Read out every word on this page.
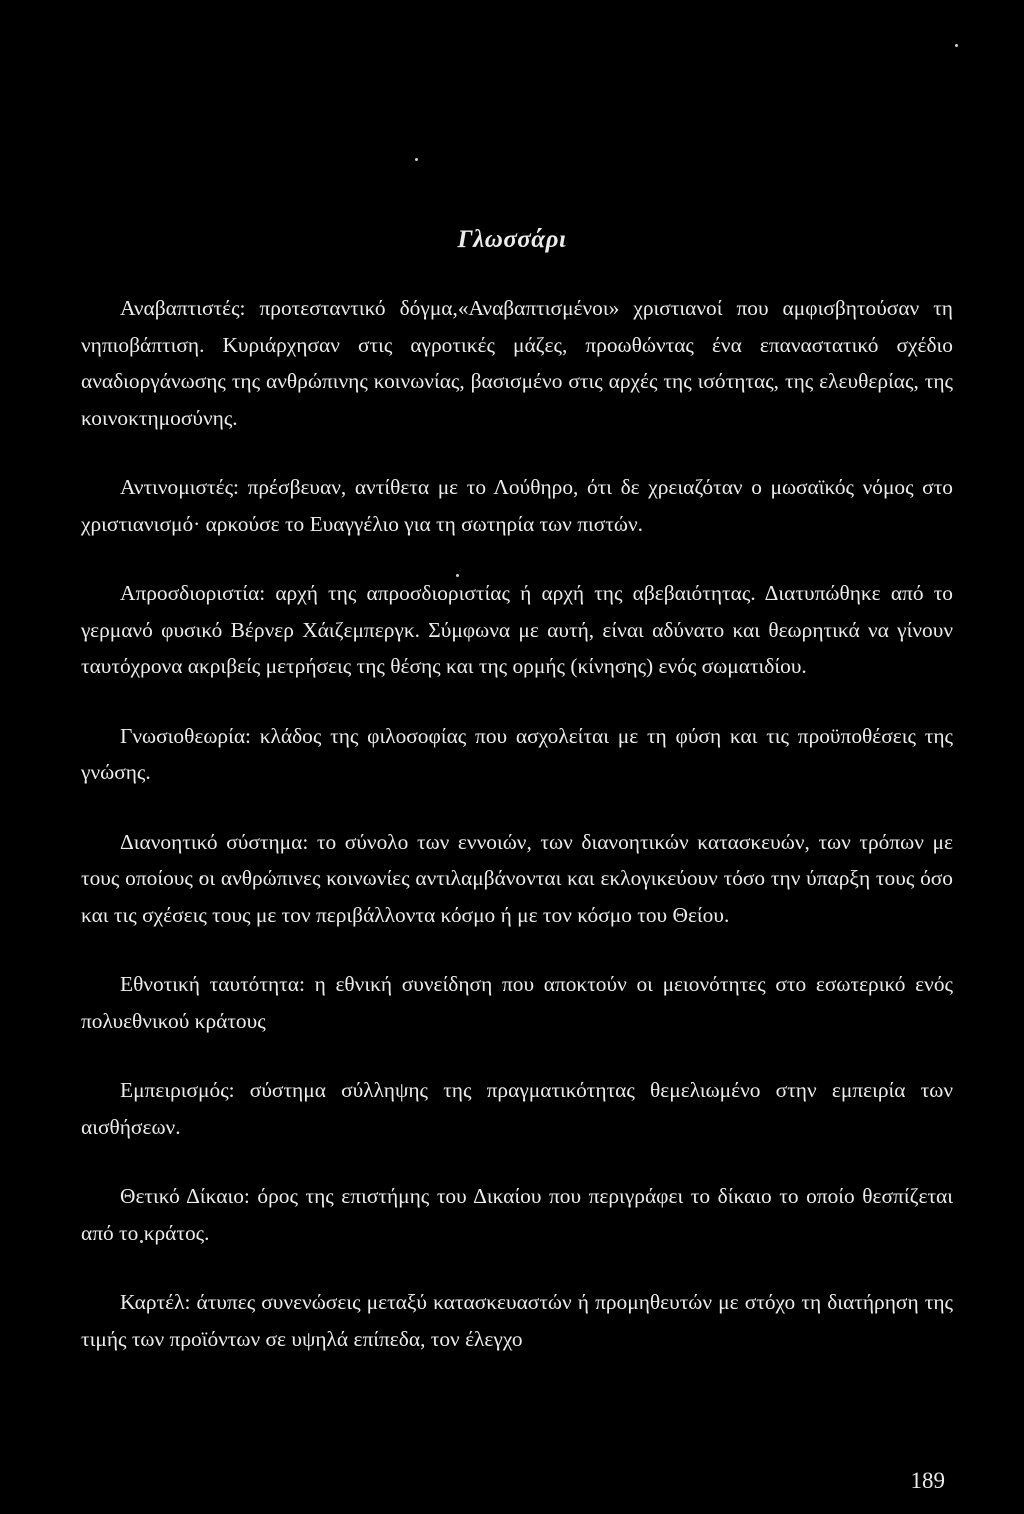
Γλωσσάρι

Αναβαπτιστές: προτεσταντικό δόγμα,«Αναβαπτισμένοι» χριστιανοί που αμφισβητούσαν τη νηπιοβάπτιση. Κυριάρχησαν στις αγροτικές μάζες, προωθώντας ένα επαναστατικό σχέδιο αναδιοργάνωσης της ανθρώπινης κοινωνίας, βασισμένο στις αρχές της ισότητας, της ελευθερίας, της κοινοκτημοσύνης.

Αντινομιστές: πρέσβευαν, αντίθετα με το Λούθηρο, ότι δε χρειαζόταν ο μωσαϊκός νόμος στο χριστιανισμό· αρκούσε το Ευαγγέλιο για τη σωτηρία των πιστών.

Απροσδιοριστία: αρχή της απροσδιοριστίας ή αρχή της αβεβαιότητας. Διατυπώθηκε από το γερμανό φυσικό Βέρνερ Χάιζεμπεργκ. Σύμφωνα με αυτή, είναι αδύνατο και θεωρητικά να γίνουν ταυτόχρονα ακριβείς μετρήσεις της θέσης και της ορμής (κίνησης) ενός σωματιδίου.

Γνωσιοθεωρία: κλάδος της φιλοσοφίας που ασχολείται με τη φύση και τις προϋποθέσεις της γνώσης.

Διανοητικό σύστημα: το σύνολο των εννοιών, των διανοητικών κατασκευών, των τρόπων με τους οποίους οι ανθρώπινες κοινωνίες αντιλαμβάνονται και εκλογικεύουν τόσο την ύπαρξη τους όσο και τις σχέσεις τους με τον περιβάλλοντα κόσμο ή με τον κόσμο του Θείου.

Εθνοτική ταυτότητα: η εθνική συνείδηση που αποκτούν οι μειονότητες στο εσωτερικό ενός πολυεθνικού κράτους

Εμπειρισμός: σύστημα σύλληψης της πραγματικότητας θεμελιωμένο στην εμπειρία των αισθήσεων.

Θετικό Δίκαιο: όρος της επιστήμης του Δικαίου που περιγράφει το δίκαιο το οποίο θεσπίζεται από το κράτος.

Καρτέλ: άτυπες συνενώσεις μεταξύ κατασκευαστών ή προμηθευτών με στόχο τη διατήρηση της τιμής των προϊόντων σε υψηλά επίπεδα, τον έλεγχο

189
